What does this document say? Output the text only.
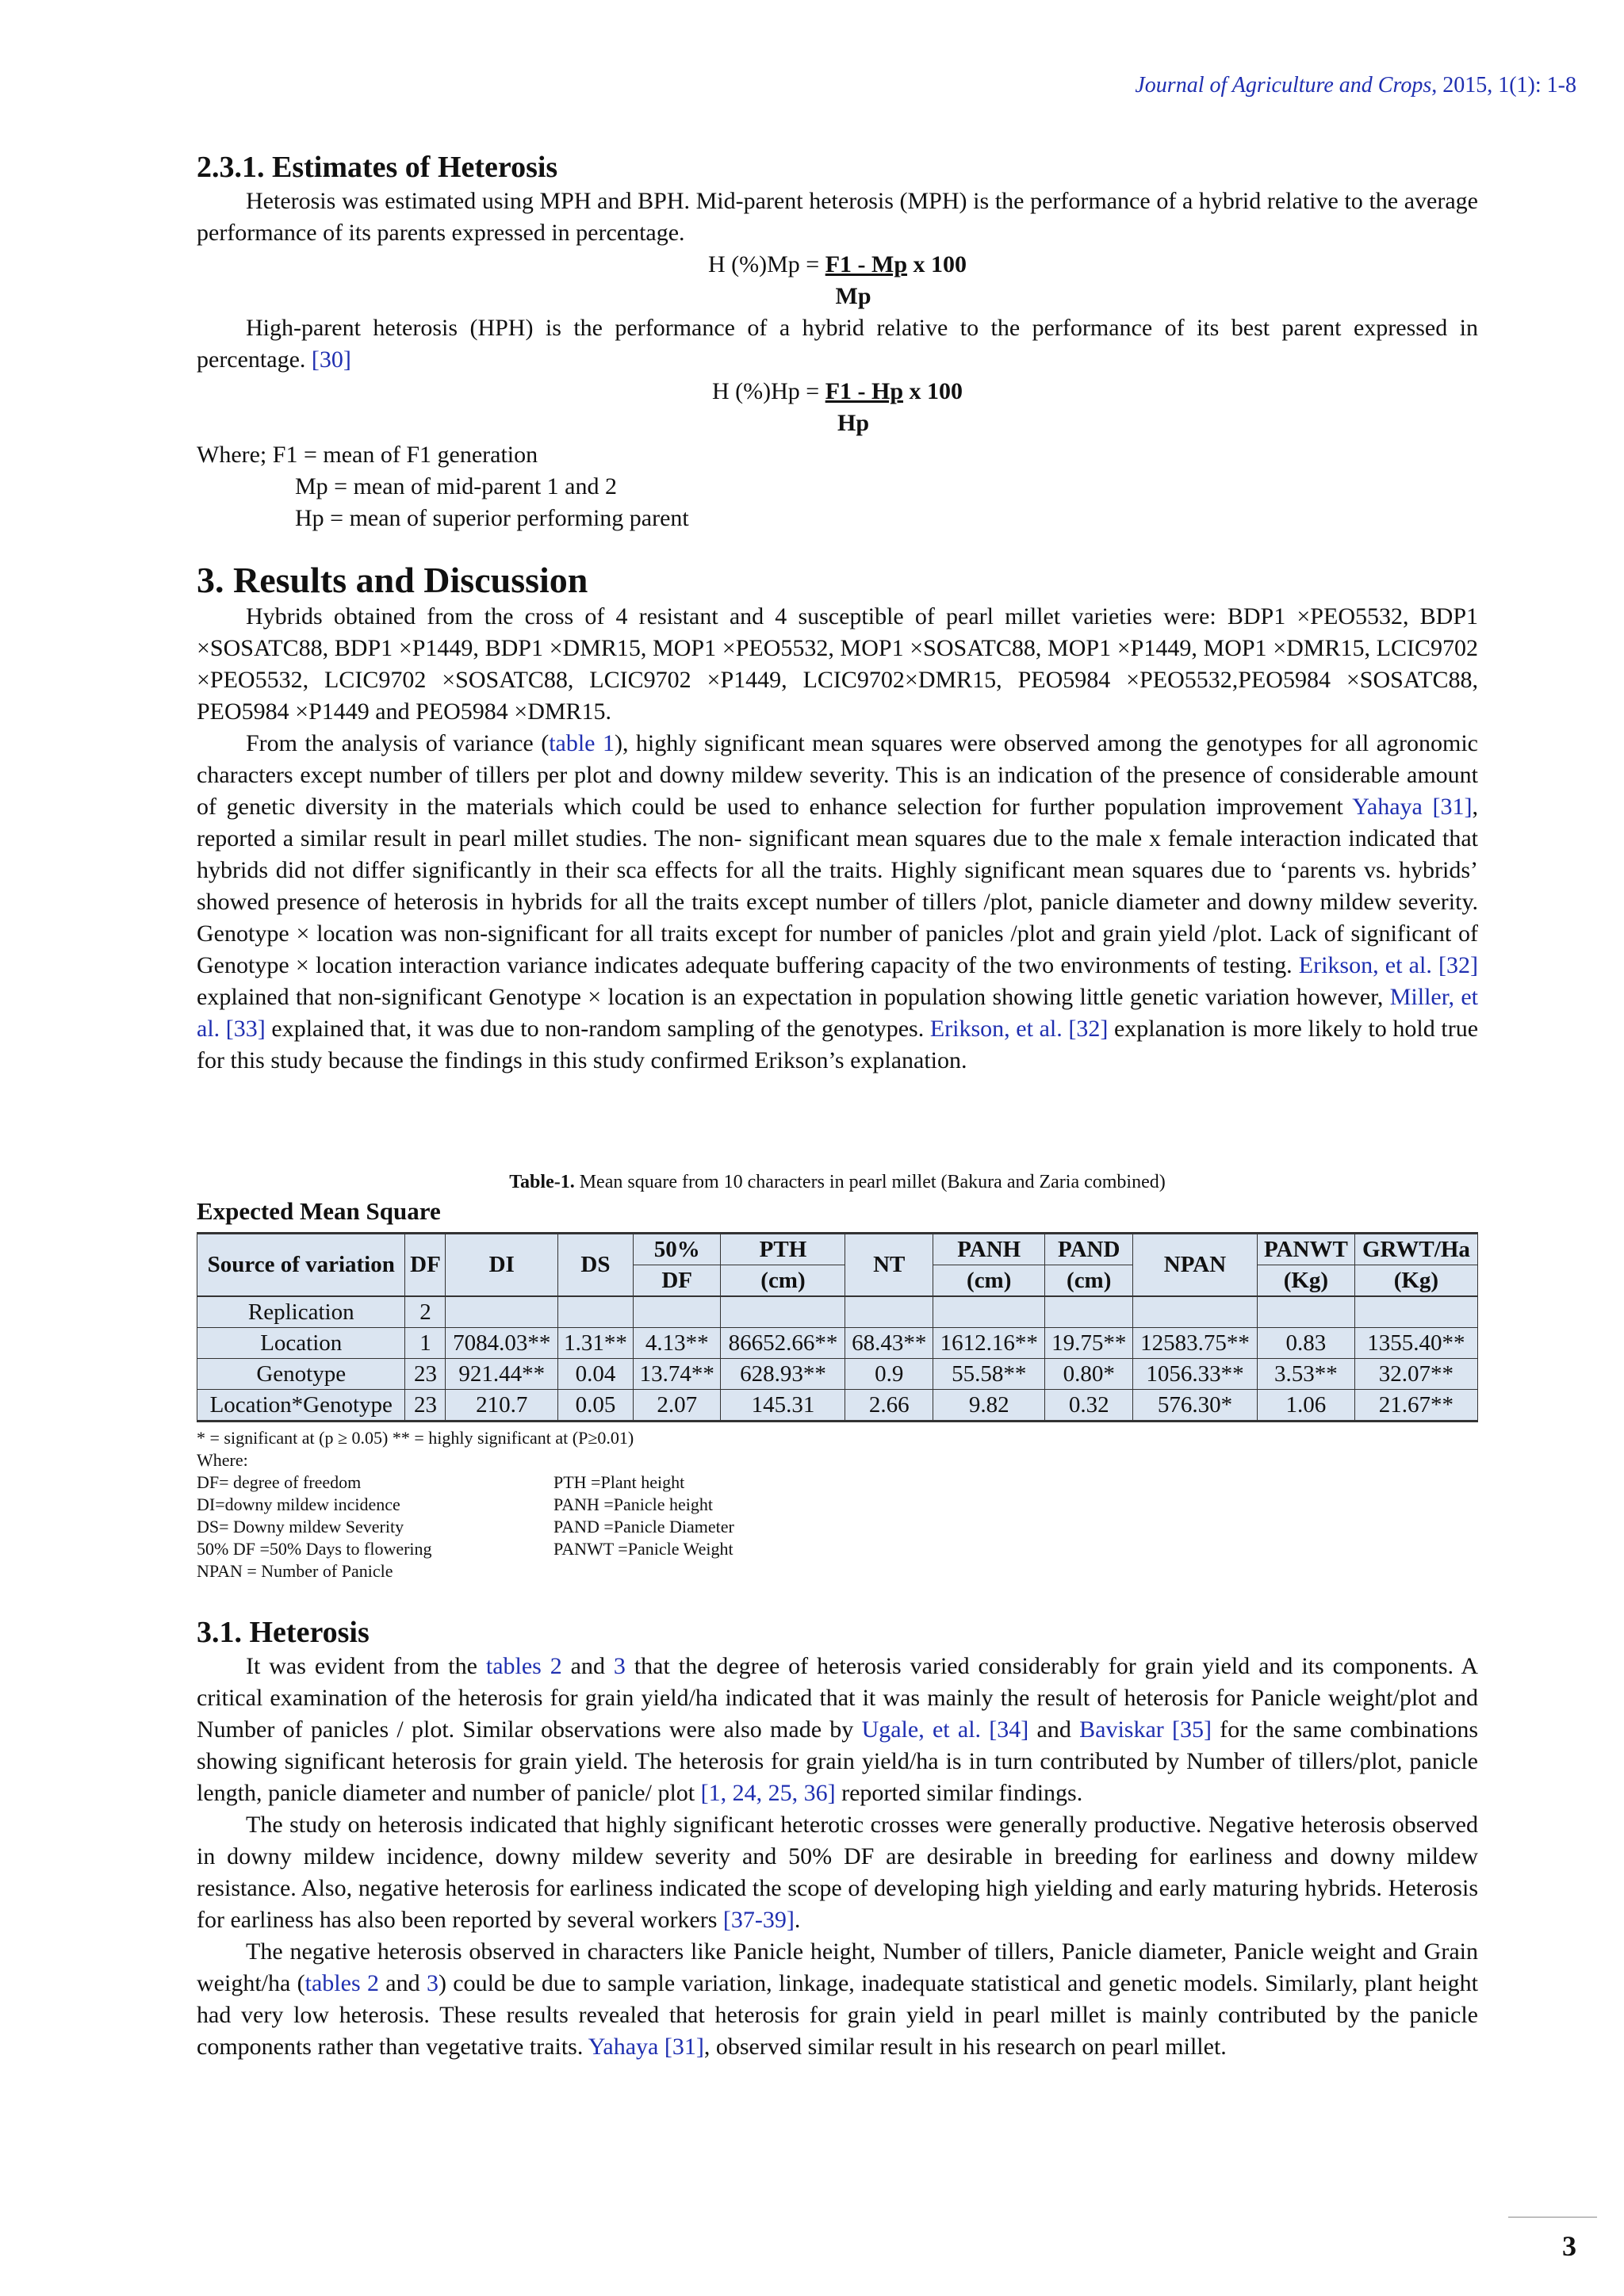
Journal of Agriculture and Crops, 2015, 1(1): 1-8
2.3.1. Estimates of Heterosis

Heterosis was estimated using MPH and BPH. Mid-parent heterosis (MPH) is the performance of a hybrid relative to the average performance of its parents expressed in percentage.

H (%)Mp = F1 - Mp x 100
Mp

High-parent heterosis (HPH) is the performance of a hybrid relative to the performance of its best parent expressed in percentage. [30]

H (%)Hp = F1 - Hp x 100
Hp
Where; F1 = mean of F1 generation
Mp = mean of mid-parent 1 and 2
Hp = mean of superior performing parent
3. Results and Discussion

Hybrids obtained from the cross of 4 resistant and 4 susceptible of pearl millet varieties were: BDP1 ×PEO5532, BDP1 ×SOSATC88, BDP1 ×P1449, BDP1 ×DMR15, MOP1 ×PEO5532, MOP1 ×SOSATC88, MOP1 ×P1449, MOP1 ×DMR15, LCIC9702 ×PEO5532, LCIC9702 ×SOSATC88, LCIC9702 ×P1449, LCIC9702×DMR15, PEO5984 ×PEO5532,PEO5984 ×SOSATC88, PEO5984 ×P1449 and PEO5984 ×DMR15.

From the analysis of variance (table 1), highly significant mean squares were observed among the genotypes for all agronomic characters except number of tillers per plot and downy mildew severity. This is an indication of the presence of considerable amount of genetic diversity in the materials which could be used to enhance selection for further population improvement Yahaya [31], reported a similar result in pearl millet studies. The non- significant mean squares due to the male x female interaction indicated that hybrids did not differ significantly in their sca effects for all the traits. Highly significant mean squares due to ‘parents vs. hybrids’ showed presence of heterosis in hybrids for all the traits except number of tillers /plot, panicle diameter and downy mildew severity. Genotype × location was non-significant for all traits except for number of panicles /plot and grain yield /plot. Lack of significant of Genotype × location interaction variance indicates adequate buffering capacity of the two environments of testing. Erikson, et al. [32] explained that non-significant Genotype × location is an expectation in population showing little genetic variation however, Miller, et al. [33] explained that, it was due to non-random sampling of the genotypes. Erikson, et al. [32] explanation is more likely to hold true for this study because the findings in this study confirmed Erikson’s explanation.

Table-1. Mean square from 10 characters in pearl millet (Bakura and Zaria combined)
Expected Mean Square
Source of variation	DF	DI	DS	50%	PTH	NT	PANH	PAND	NPAN	PANWT	GRWT/Ha
				DF	(cm)		(cm)	(cm)		(Kg)	(Kg)
Replication	2										
Location	1	7084.03**	1.31**	4.13**	86652.66**	68.43**	1612.16**	19.75**	12583.75**	0.83	1355.40**
Genotype	23	921.44**	0.04	13.74**	628.93**	0.9	55.58**	0.80*	1056.33**	3.53**	32.07**
Location*Genotype	23	210.7	0.05	2.07	145.31	2.66	9.82	0.32	576.30*	1.06	21.67**
* = significant at (p ≥ 0.05) ** = highly significant at (P≥0.01)
Where:
DF= degree of freedom	PTH =Plant height
DI=downy mildew incidence	PANH =Panicle height
DS= Downy mildew Severity	PAND =Panicle Diameter
50% DF =50% Days to flowering	PANWT =Panicle Weight
NPAN = Number of Panicle
3.1. Heterosis

It was evident from the tables 2 and 3 that the degree of heterosis varied considerably for grain yield and its components. A critical examination of the heterosis for grain yield/ha indicated that it was mainly the result of heterosis for Panicle weight/plot and Number of panicles / plot. Similar observations were also made by Ugale, et al. [34] and Baviskar [35] for the same combinations showing significant heterosis for grain yield. The heterosis for grain yield/ha is in turn contributed by Number of tillers/plot, panicle length, panicle diameter and number of panicle/ plot [1, 24, 25, 36] reported similar findings.

The study on heterosis indicated that highly significant heterotic crosses were generally productive. Negative heterosis observed in downy mildew incidence, downy mildew severity and 50% DF are desirable in breeding for earliness and downy mildew resistance. Also, negative heterosis for earliness indicated the scope of developing high yielding and early maturing hybrids. Heterosis for earliness has also been reported by several workers [37-39].

The negative heterosis observed in characters like Panicle height, Number of tillers, Panicle diameter, Panicle weight and Grain weight/ha (tables 2 and 3) could be due to sample variation, linkage, inadequate statistical and genetic models. Similarly, plant height had very low heterosis. These results revealed that heterosis for grain yield in pearl millet is mainly contributed by the panicle components rather than vegetative traits. Yahaya [31], observed similar result in his research on pearl millet.

3
